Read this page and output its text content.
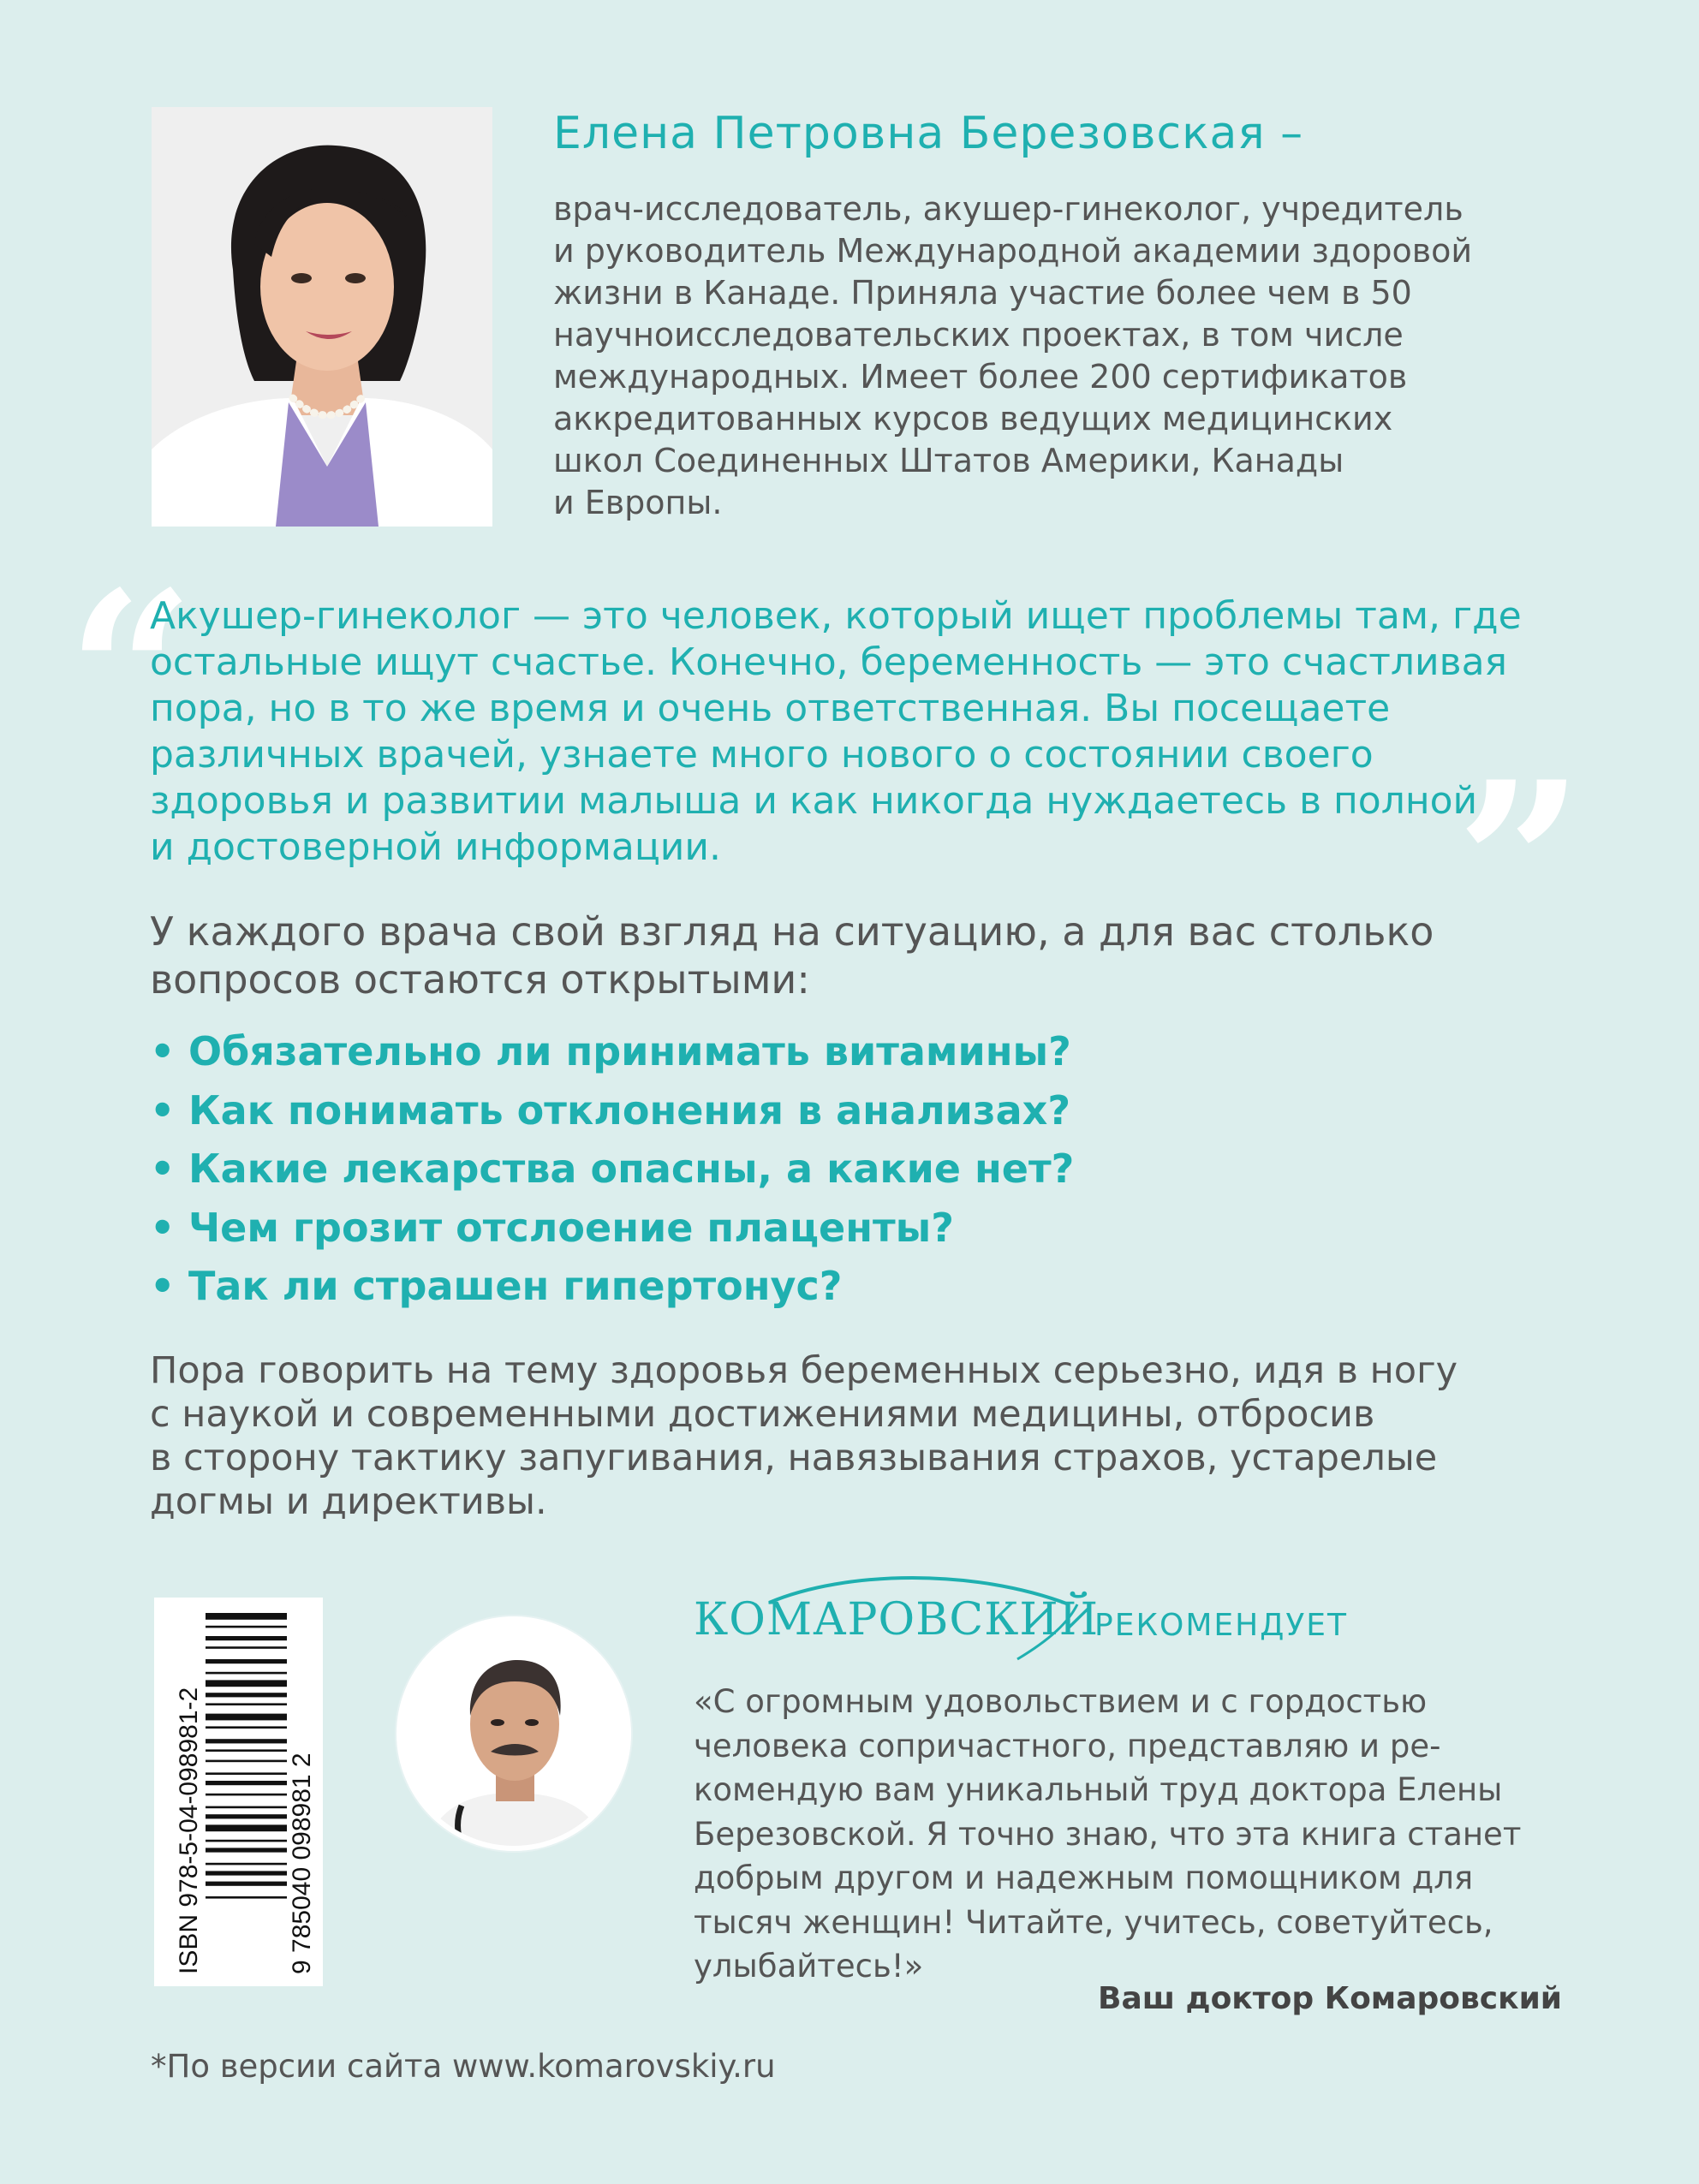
Елена Петровна Березовская –
врач-исследователь, акушер-гинеколог, учредитель
и руководитель Международной академии здоровой
жизни в Канаде. Приняла участие более чем в 50
научноисследовательских проектах, в том числе
международных. Имеет более 200 сертификатов
аккредитованных курсов ведущих медицинских
школ Соединенных Штатов Америки, Канады
и Европы.
“
”
Акушер-гинеколог — это человек, который ищет проблемы там, где
остальные ищут счастье. Конечно, беременность — это счастливая
пора, но в то же время и очень ответственная. Вы посещаете
различных врачей, узнаете много нового о состоянии своего
здоровья и развитии малыша и как никогда нуждаетесь в полной
и достоверной информации.
У каждого врача свой взгляд на ситуацию, а для вас столько
вопросов остаются открытыми:
• Обязательно ли принимать витамины?
• Как понимать отклонения в анализах?
• Какие лекарства опасны, а какие нет?
• Чем грозит отслоение плаценты?
• Так ли страшен гипертонус?
Пора говорить на тему здоровья беременных серьезно, идя в ногу
с наукой и современными достижениями медицины, отбросив
в сторону тактику запугивания, навязывания страхов, устарелые
догмы и директивы.
ISBN 978-5-04-098981-2	9 785040 098981 2
КОМАРОВСКИЙ
РЕКОМЕНДУЕТ
«С огромным удовольствием и с гордостью
человека сопричастного, представляю и ре-
комендую вам уникальный труд доктора Елены
Березовской. Я точно знаю, что эта книга станет
добрым другом и надежным помощником для
тысяч женщин! Читайте, учитесь, советуйтесь,
улыбайтесь!»
Ваш доктор Комаровский
*По версии сайта www.komarovskiy.ru
